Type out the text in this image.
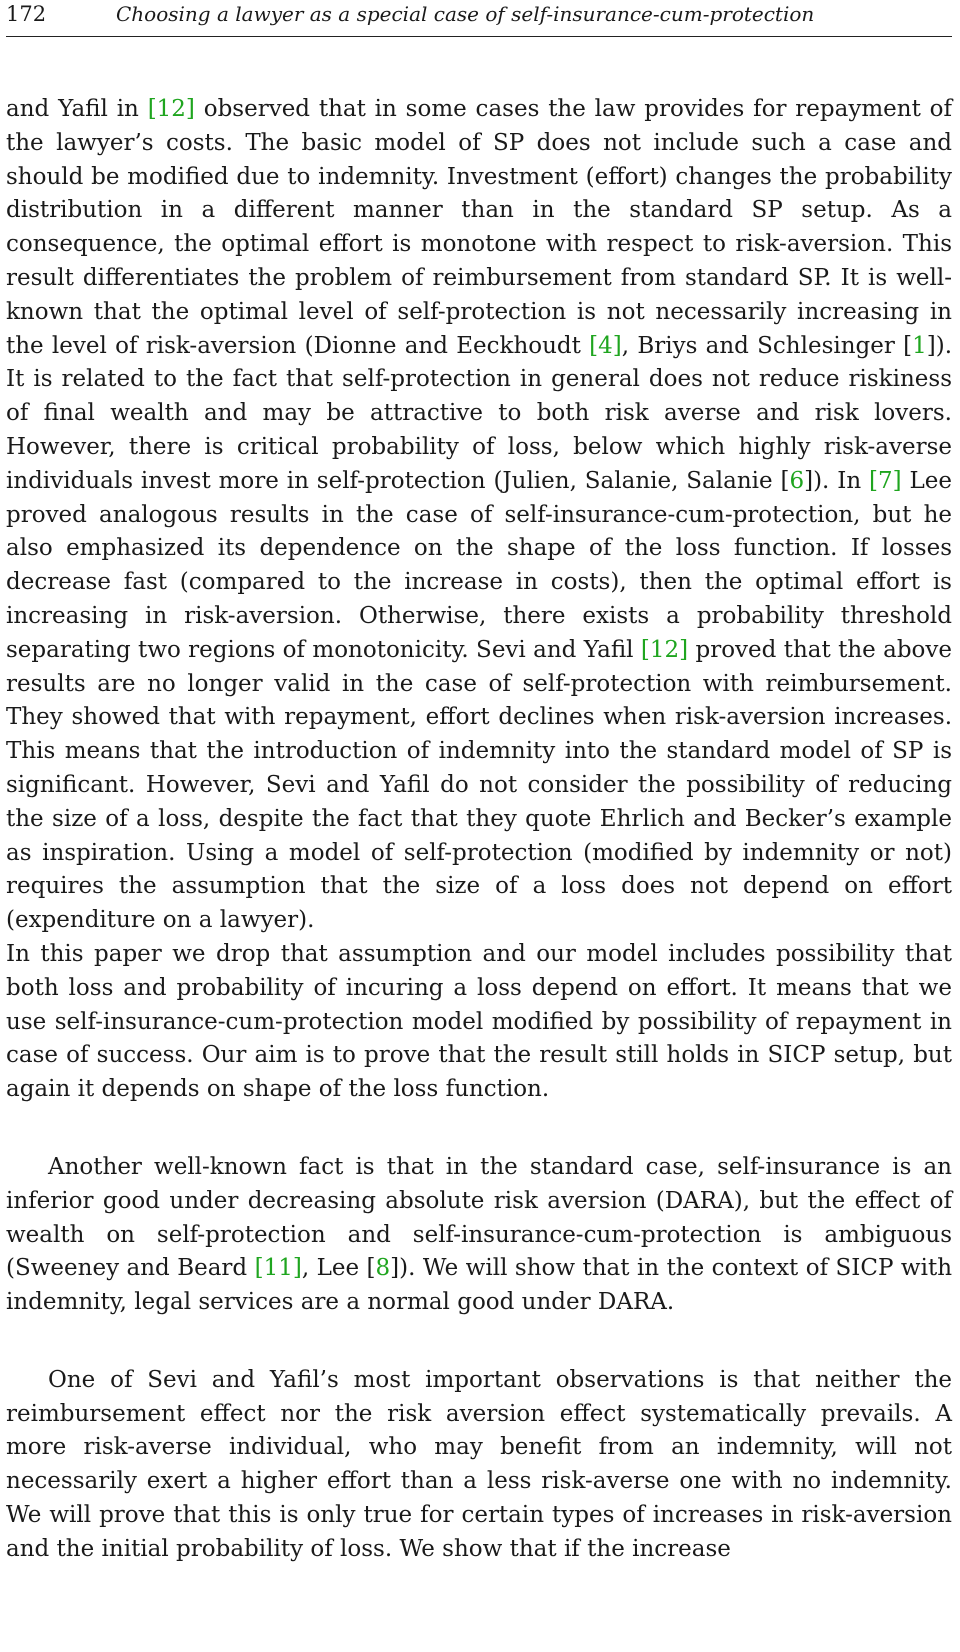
172	Choosing a lawyer as a special case of self-insurance-cum-protection

and Yafil in [12] observed that in some cases the law provides for repayment of the lawyer’s costs. The basic model of SP does not include such a case and should be modified due to indemnity. Investment (effort) changes the probability distribution in a different manner than in the standard SP setup. As a consequence, the optimal effort is monotone with respect to risk-aversion. This result differentiates the problem of reimbursement from standard SP. It is well-known that the optimal level of self-protection is not necessarily increasing in the level of risk-aversion (Dionne and Eeckhoudt [4], Briys and Schlesinger [1]). It is related to the fact that self-protection in general does not reduce riskiness of final wealth and may be attractive to both risk averse and risk lovers. However, there is critical probability of loss, below which highly risk-averse individuals invest more in self-protection (Julien, Salanie, Salanie [6]). In [7] Lee proved analogous results in the case of self-insurance-cum-protection, but he also emphasized its dependence on the shape of the loss function. If losses decrease fast (compared to the increase in costs), then the optimal effort is increasing in risk-aversion. Otherwise, there exists a probability threshold separating two regions of monotonicity. Sevi and Yafil [12] proved that the above results are no longer valid in the case of self-protection with reimbursement. They showed that with repayment, effort declines when risk-aversion increases. This means that the introduction of indemnity into the standard model of SP is significant. However, Sevi and Yafil do not consider the possibility of reducing the size of a loss, despite the fact that they quote Ehrlich and Becker’s example as inspiration. Using a model of self-protection (modified by indemnity or not) requires the assumption that the size of a loss does not depend on effort (expenditure on a lawyer).

In this paper we drop that assumption and our model includes possibility that both loss and probability of incuring a loss depend on effort. It means that we use self-insurance-cum-protection model modified by possibility of repayment in case of success. Our aim is to prove that the result still holds in SICP setup, but again it depends on shape of the loss function.

Another well-known fact is that in the standard case, self-insurance is an inferior good under decreasing absolute risk aversion (DARA), but the effect of wealth on self-protection and self-insurance-cum-protection is ambiguous (Sweeney and Beard [11], Lee [8]). We will show that in the context of SICP with indemnity, legal services are a normal good under DARA.

One of Sevi and Yafil’s most important observations is that neither the reimbursement effect nor the risk aversion effect systematically prevails. A more risk-averse individual, who may benefit from an indemnity, will not necessarily exert a higher effort than a less risk-averse one with no indemnity. We will prove that this is only true for certain types of increases in risk-aversion and the initial probability of loss. We show that if the increase
